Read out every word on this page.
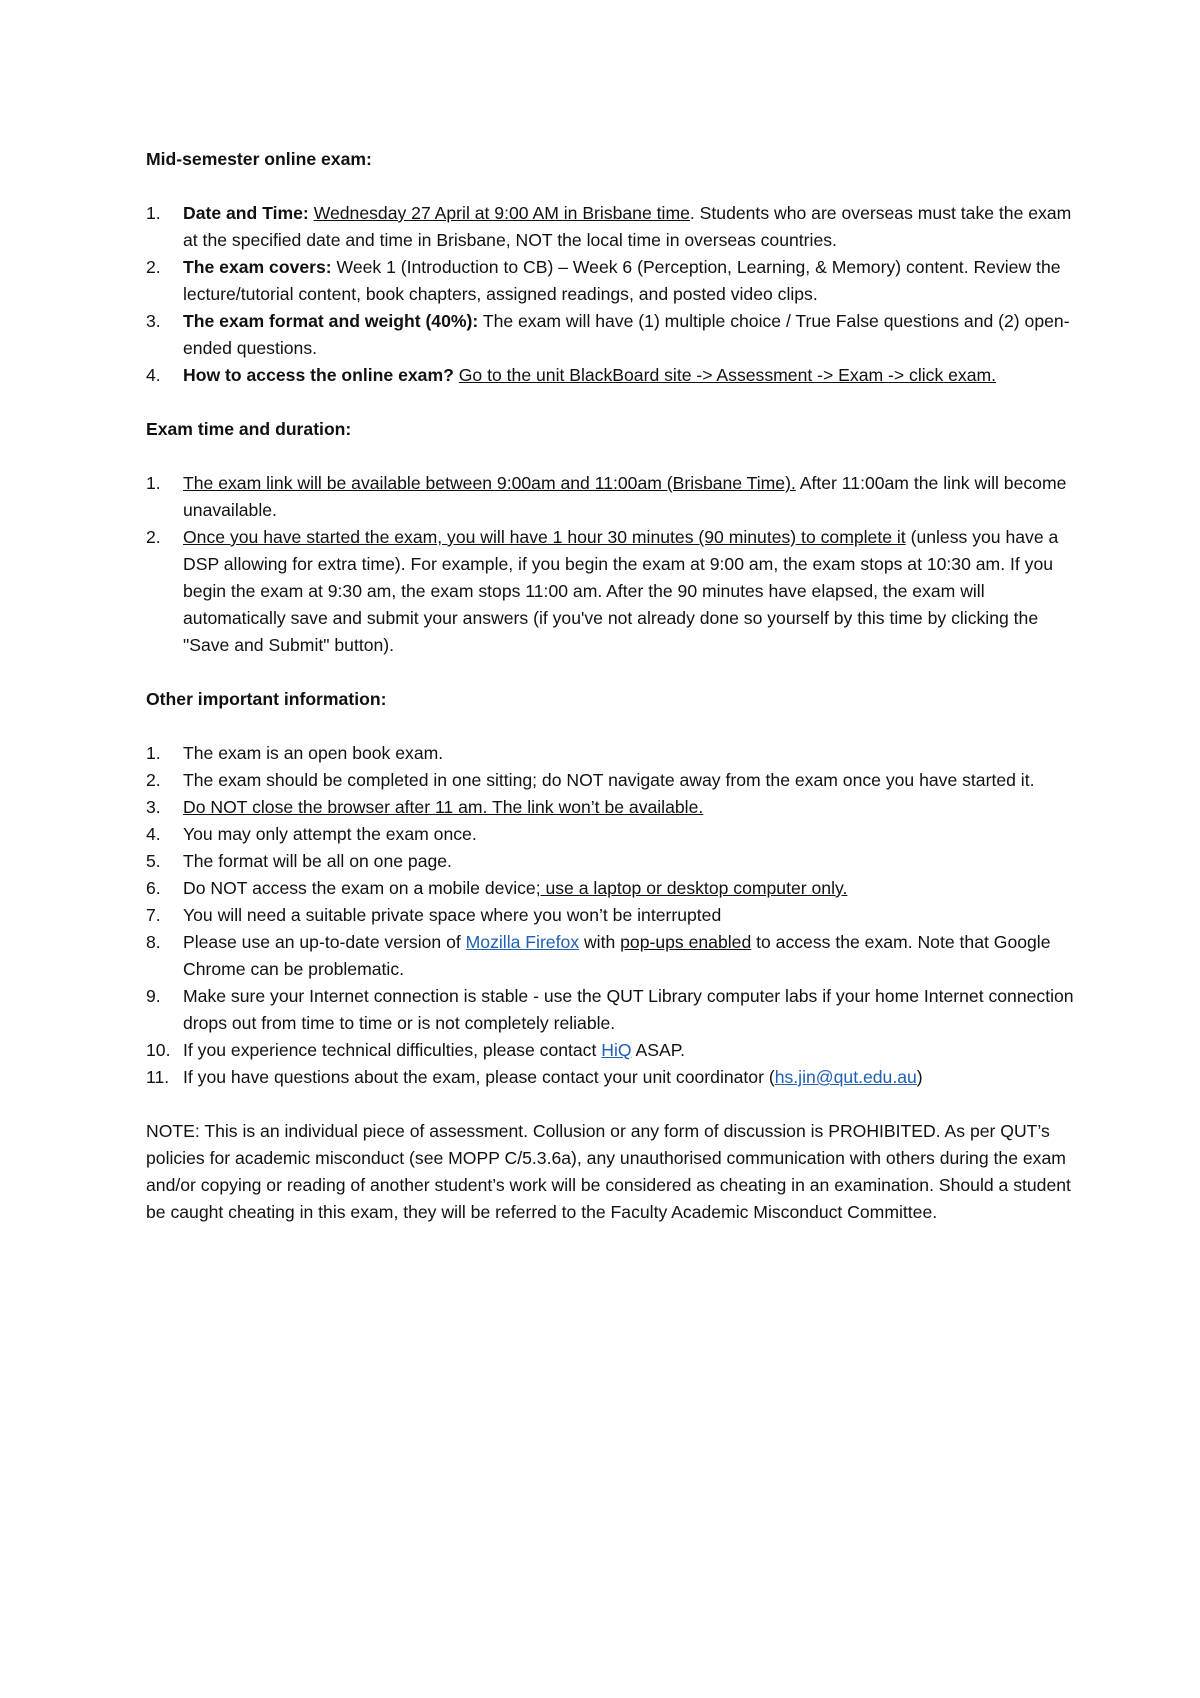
Mid-semester online exam:

1.	Date and Time: Wednesday 27 April at 9:00 AM in Brisbane time. Students who are overseas must take the exam at the specified date and time in Brisbane, NOT the local time in overseas countries.
2.	The exam covers: Week 1 (Introduction to CB) – Week 6 (Perception, Learning, & Memory) content. Review the lecture/tutorial content, book chapters, assigned readings, and posted video clips.
3.	The exam format and weight (40%): The exam will have (1) multiple choice / True False questions and (2) open-ended questions.
4.	How to access the online exam? Go to the unit BlackBoard site -> Assessment -> Exam -> click exam.

Exam time and duration:

1.	The exam link will be available between 9:00am and 11:00am (Brisbane Time). After 11:00am the link will become unavailable.
2.	Once you have started the exam, you will have 1 hour 30 minutes (90 minutes) to complete it (unless you have a DSP allowing for extra time). For example, if you begin the exam at 9:00 am, the exam stops at 10:30 am. If you begin the exam at 9:30 am, the exam stops 11:00 am. After the 90 minutes have elapsed, the exam will automatically save and submit your answers (if you've not already done so yourself by this time by clicking the "Save and Submit" button).

Other important information:

1.	The exam is an open book exam.
2.	The exam should be completed in one sitting; do NOT navigate away from the exam once you have started it.
3.	Do NOT close the browser after 11 am. The link won’t be available.
4.	You may only attempt the exam once.
5.	The format will be all on one page.
6.	Do NOT access the exam on a mobile device; use a laptop or desktop computer only.
7.	You will need a suitable private space where you won’t be interrupted
8.	Please use an up-to-date version of Mozilla Firefox with pop-ups enabled to access the exam. Note that Google Chrome can be problematic.
9.	Make sure your Internet connection is stable - use the QUT Library computer labs if your home Internet connection drops out from time to time or is not completely reliable.
10. If you experience technical difficulties, please contact HiQ ASAP.
11. If you have questions about the exam, please contact your unit coordinator (hs.jin@qut.edu.au)

NOTE: This is an individual piece of assessment. Collusion or any form of discussion is PROHIBITED. As per QUT’s policies for academic misconduct (see MOPP C/5.3.6a), any unauthorised communication with others during the exam and/or copying or reading of another student’s work will be considered as cheating in an examination. Should a student be caught cheating in this exam, they will be referred to the Faculty Academic Misconduct Committee.
